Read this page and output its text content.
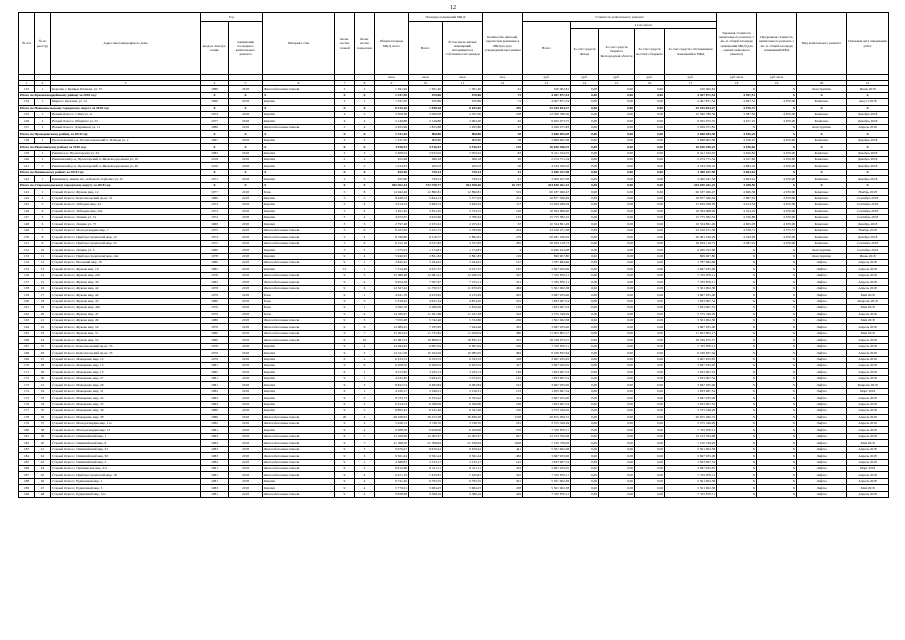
12
№ п/п	№ по реестру	Адрес многоквартирного дома	Год		Материал стен	Коли-чество этажей	Коли-чество подъездов	Общая площадь МКД, всего	Площадь помещений МКД:		Количество жителей, зарегистри-рованных в МКД на дату утверждения программы	Стоимость капитального ремонта					Удельная стоимость капитального ремонта 1 кв. м. общей площади помещений МКД (для оценки заявочного ремонта)	Предельная стоимость капитального ремонта 1 кв. м. общей площади помещений МКД	Вид капитального ремонта	Плановая дата завершения работ
			ввода в эксплуа-тацию	завершения последнего капитального ремонта					Всего:	В том числе жилых помещений, находящихся в собственности граждан		Всего:	в том числе:							
													За счет средств Фонда	За счет средств бюджета Белгородской области	За счет средств местного бюджета	За счет средств собственников помещений в МКД				
								кв.м	кв.м	кв.м	чел.	руб.	руб.	руб.	руб.	руб.	руб./кв.м	руб./кв.м		
1	2	3	4	5	6	7	8	9	10	11	12	13	14	15	16	17	18	19	20	21
133	1	Корочка с. Кривые Планова, ул. 57	1989	2018	Железобетонные панели	3	3	1 391,40	1 391,40	1 391,40	61	100 002,81	0,00	0,00	0,00	100 002,81	X	X	Конструктив	Июнь 2018
Итого по Красногвардейскому району за 2018 год:			X	X	X	X	X	1 347,50	970,86	970,86	72	4 407 871,54	0,00	0,00	0,00	4 407 871,54	4 497,51	X	X	X
134	1	Бирюч г. Красная, ул. 12	1966	2018	Кирпич	2	1	1 347,50	970,86	970,86	72	4 407 871,54	0,00	0,00	0,00	4 407 871,54	4 497,51	4 670,00	Комплекс	Август 2018
Итого по Новооскольскому городскому округу за 2018 год:			X	X	X	X	X	8 315,20	7 498,18	6 635,40	259	25 545 834,27	0,00	0,00	0,00	25 545 834,27	3 970,72	X	X	X
135	1	Новый Оскол г. 1 Мая ул, 11	1973	2018	Кирпич	4	3	3 309,38	3 309,38	2 707,30	108	12 590 789,36	0,00	0,00	0,00	12 590 789,36	3 587,63	4 670,00	Комплекс	Декабрь 2018
136	2	Новый Оскол г. Общепно ул, 52	1977	2018	Кирпич	4	2	2 149,80	2 149,80	2 002,30	62	9 925 973,75	0,00	0,00	0,00	9 925 973,75	4 617,16	4 670,00	Комплекс	Декабрь 2018
137	3	Новый Оскол г. Дзержинск ул, 11	1980	2018	Железобетонные панели	5	4	2 655,99	1 855,88	1 935,80	97	3 029 071,83	0,00	0,00	0,00	3 029 071,83	X	X	Конструктив	Апрель 2018
Итого по Прохоровскому району за 2018 год:			X	X	X	X	X	1 331,50	808,80	808,80	38	3 668 905,38	0,00	0,00	0,00	3 668 905,38	4 556,25	X	X	X
138	1	Прохоровский р-н, Политотдельский п, Победы ул, 2	1967	2018	Кирпич	2	3	1 331,50	808,80	808,80	38	3 668 905,38	0,00	0,00	0,00	3 668 905,38	4 556,25	4 670,00	Комплекс	Декабрь 2018
Итого по Ракитянскому району за 2018 год:			X	X	X	X	X	3 936,53	3 516,53	3 516,53	129	16 020 456,25	0,00	0,00	0,00	16 020 456,25	4 556,60	X	X	X
139	1	Ракитное п, Пролетарская ул, 34	1983	2018	Кирпич	3	3	2 308,52	2 025,02	2 025,02	83	9 411 524,55	0,00	0,00	0,00	9 411 524,55	4 656,82	4 670,00	Комплекс	Декабрь 2018
140	2	Ракитянский р-н, Пролетарский п, Железнодорожная ул, 19	1918	2018	Кирпич	2	2	615,98	566,18	566,18	20	2 274 771,54	0,00	0,00	0,00	2 274 771,54	4 017,40	4 670,00	Комплекс	Декабрь 2018
141	3	Ракитянский р-н, Пролетарский п, Железнодорожная ул, 40	1910	2018	Кирпич	2	2	1 012,03	925,33	925,33	26	4 334 358,16	0,00	0,00	0,00	4 334 358,16	4 684,16	4 670,00	Комплекс	Декабрь 2018
Итого по Ровеньскому району за 2018 год:			X	X	X	X	X	815,96	729,14	729,14	41	3 400 427,58	0,00	0,00	0,00	3 400 427,58	4 663,61	X	X	X
142	1	Ровеньки п, имени пос. избежать Горбенко ул, 32	1971	2018	Кирпич	2	3	815,96	729,14	729,14	41	3 400 427,58	0,00	0,00	0,00	3 400 427,58	4 663,61	4 670,00	Комплекс	Декабрь 2018
Итого по Старооскольскому городскому округу за 2018 год:			X	X	X	X	X	465 361,43	372 750,77	364 558,46	16 727	434 030 261,22	0,00	0,00	0,00	434 030 261,22	4 208,50	X	X	X
143	1	Старый Оскол г, Жукова мкр, 12	1977	2018	Блок	5	8	14 042,46	12 890,81	12 890,81	519	60 187 490,47	0,00	0,00	0,00	60 187 490,47	4 666,58	4 670,00	Комплекс	Ноябрь 2018
144	2	Старый Оскол г, Комсомольский пр-кт, 31	1980	2018	Кирпич	5	3	8 428,74	5 844,13	5 577,93	251	16 877 366,49	0,00	0,00	0,00	16 877 366,49	2 887,93	4 670,00	Комплекс	Сентябрь 2018
145	3	Старый Оскол г, Лебедева мкр, 24	1973	2018	Кирпич	5	4	3 614,55	3 682,15	3 645,25	117	15 659 298,29	0,00	0,00	0,00	15 659 298,29	4 413,34	4 670,00	Комплекс	Сентябрь 2018
146	4	Старый Оскол г, Лебедева мкр, 24а	1973	2018	Кирпич	5	4	3 811,45	3 811,45	3 733,15	126	16 594 698,46	0,00	0,00	0,00	16 594 698,46	4 354,16	4 670,00	Комплекс	Сентябрь 2018
147	5	Старый Оскол г, Ленина ул, 31	1974	2018	Кирпич	5	4	4 672,97	3 625,90	3 790,64	125	15 775 582,32	0,00	0,00	0,00	15 775 582,32	4 350,88	4 670,00	Комплекс	Сентябрь 2018
148	6	Старый Оскол г, Ленина ул, 75	1960	2018	Кирпич	3	3	2 797,48	2 255,61	2 255,61	67	10 534 861,49	0,00	0,00	0,00	10 534 861,49	4 665,93	4 670,00	Комплекс	Декабрь 2018
149	7	Старый Оскол г, Молодогвардия мкр, 7	1975	2018	Железобетонные панели	5	6	8 103,30	5 011,73	5 793,06	233	23 416 271,38	0,00	0,00	0,00	23 416 271,38	4 336,71	4 375,37	Комплекс	Ноябрь 2018
150	8	Старый Оскол г, Приборостроителей мкр, 12	1974	2018	Железобетонные панели	5	4	8 196,80	6 116,77	5 892,81	279	26 481 190,29	0,00	0,00	0,00	26 481 190,29	4 329,28	4 670,00	Комплекс	Декабрь 2018
151	9	Старый Оскол г, Приборостроителей мкр, 25	1975	2018	Железобетонные панели	5	6	6 152,18	4 537,82	4 537,82	285	20 819 118,73	0,00	0,00	0,00	20 819 118,73	4 587,91	4 670,00	Комплекс	Сентябрь 2018
152	10	Старый Оскол г, Ленина ул, 5	1960	2018	Кирпич	3	3	1 575,23	1 174,81	1 174,81	4	6 026 252,08	0,00	0,00	0,00	6 026 252,08	X	X	Конструктив	Сентябрь 2018
153	11	Старый Оскол г, Приборостроителей мкр, 24а	1978	2018	Кирпич	9	4	5 940,93	2 861,82	2 861,83	119	869 907,80	0,00	0,00	0,00	869 907,80	X	X	Конструктив	Июнь 2018
154	12	Старый Оскол г, Весенний мкр, 10	1980	2018	Железобетонные панели	9	1	3 845,45	3 164,61	3 164,61	147	1 787 684,66	0,00	0,00	0,00	1 787 684,66	X	X	Лифты	Апрель 2018
155	13	Старый Оскол г, Жукова мкр, 19	1982	2018	Кирпич	12	1	7 514,48	4 327,37	4 237,37	187	3 667 935,06	0,00	0,00	0,00	3 667 935,06	X	X	Лифты	Апрель 2018
156	14	Старый Оскол г, Жукова мкр, 29а	1978	2018	Железобетонные панели	9	5	15 386,48	12 481,41	12 426,19	567	7 335 870,11	0,00	0,00	0,00	7 335 870,11	X	X	Лифты	Апрель 2018
157	15	Старый Оскол г, Жукова мкр, 39	1982	2018	Железобетонные панели	9	4	9 954,58	7 567,67	7 272,11	321	7 335 870,11	0,00	0,00	0,00	7 335 870,11	X	X	Лифты	Апрель 2018
158	16	Старый Оскол г, Жукова мкр, 42	1978	2018	Железобетонные панели	9	6	14 527,42	11 750,57	11 670,05	482	5 501 902,58	0,00	0,00	0,00	5 501 902,58	X	X	Лифты	Апрель 2018
159	17	Старый Оскол г, Жукова мкр, 44	1979	2018	Блок	9	1	4 941,76	4 223,95	4 133,29	205	3 667 935,06	0,00	0,00	0,00	3 667 935,06	X	X	Лифты	Май 2018
160	18	Старый Оскол г, Жукова мкр, 45	1980	2018	Блок	9	3	5 319,45	4 931,34	4 874,20	225	1 833 967,54	0,00	0,00	0,00	1 833 967,54	X	X	Лифты	Февраль 2018
161	19	Старый Оскол г, Жукова мкр, 46а	1979	2018	Блок	9	1	3 392,76	2 286,69	2 816,46	129	1 833 967,54	0,00	0,00	0,00	1 833 967,54	X	X	Лифты	Май 2018
162	20	Старый Оскол г, Жукова мкр, 47	1979	2018	Блок	9	6	14 320,97	11 301,66	11 247,28	542	3 575 349,29	0,00	0,00	0,00	3 575 349,29	X	X	Лифты	Апрель 2018
163	21	Старый Оскол г, Жукова мкр, 49	1980	2018	Железобетонные панели	9	3	7 955,28	5 742,40	5 722,80	250	1 501 902,58	0,00	0,00	0,00	5 501 902,58	X	X	Лифты	Май 2018
164	22	Старый Оскол г, Жукова мкр, 50	1979	2018	Железобетонные панели	9	6	14 089,45	7 185,85	7 044,48	455	3 667 935,06	0,00	0,00	0,00	3 667 935,06	X	X	Лифты	Апрель 2018
165	23	Старый Оскол г, Жукова мкр, 51	1980	2018	Железобетонные панели	9	7	13 203,22	11 731,82	11 458,04	380	11 003 805,17	0,00	0,00	0,00	11 003 805,17	X	X	Лифты	Май 2018
166	24	Старый Оскол г, Жукова мкр, 52	1980	2018	Железобетонные панели	9	10	22 697,23	19 868,91	18 835,15	761	18 339 675,37	0,00	0,00	0,00	18 339 675,37	X	X	Лифты	Апрель 2018
167	25	Старый Оскол г, Комсомольский пр-кт, 33	1978	2018	Кирпич	9	4	14 944,05	6 997,64	6 997,64	256	7 335 870,11	0,00	0,00	0,00	7 335 870,11	X	X	Лифты	Апрель 2018
168	26	Старый Оскол г, Комсомольский пр-кт, 35	1979	2018	Кирпич	9	5	14 511,50	10 194,59	10 085,05	484	9 169 837,64	0,00	0,00	0,00	9 169 837,64	X	X	Лифты	Апрель 2018
169	27	Старый Оскол г, Макаренко мкр, 12	1979	2018	Кирпич	9	2	6 333,72	6 333,72	6 333,72	318	3 667 935,05	0,00	0,00	0,00	3 667 935,05	X	X	Лифты	Апрель 2018
170	28	Старый Оскол г, Макаренко мкр, 13	1981	2018	Кирпич	9	6	6 208,55	6 208,55	6 203,55	327	3 667 935,05	0,00	0,00	0,00	3 667 935,05	X	X	Лифты	Апрель 2018
171	29	Старый Оскол г, Макаренко мкр, 15	1985	2018	Кирпич	9	1	4 572,65	3 165,13	3 165,13	149	1 833 967,54	0,00	0,00	0,00	1 833 967,54	X	X	Лифты	Апрель 2018
172	30	Старый Оскол г, Макаренко мкр, 27	1981	2018	Кирпич	9	1	4 245,85	3 284,25	3 374,25	142	1 833 967,54	0,00	0,00	0,00	1 833 967,54	X	X	Лифты	Апрель 2018
173	31	Старый Оскол г, Макаренко мкр, 29	1981	2018	Кирпич	9	3	8 822,74	6 483,84	6 483,84	312	3 667 935,06	0,00	0,00	0,00	3 667 935,06	X	X	Лифты	Февраль 2018
174	32	Старый Оскол г, Макаренко мкр, 31	1982	2018	Кирпич	9	1	4 320,17	3 198,21	3 156,31	153	1 833 967,54	0,00	0,00	0,00	1 833 967,54	X	X	Лифты	Март 2018
175	33	Старый Оскол г, Макаренко мкр, 32	1983	2018	Кирпич	9	3	8 725,73	6 355,42	6 355,42	314	3 667 935,06	0,00	0,00	0,00	3 667 935,06	X	X	Лифты	Апрель 2018
176	34	Старый Оскол г, Макаренко мкр, 33	1983	2018	Кирпич	9	2	9 224,53	6 588,99	6 590,80	196	1 833 967,54	0,00	0,00	0,00	1 833 967,54	X	X	Лифты	Апрель 2018
177	35	Старый Оскол г, Макаренко мкр, 36	1980	2018	Кирпич	9	3	8 865,43	6 541,46	6 541,46	250	3 575 349,29	0,00	0,00	0,00	3 575 349,29	X	X	Лифты	Апрель 2018
178	36	Старый Оскол г, Макаренко мкр, 38	1980	2018	Железобетонные панели	20	4	49 168,63	39 472,38	36 836,20	1728	26 815 269,72	0,00	0,00	0,00	26 815 269,72	X	X	Лифты	Апрель 2018
179	37	Старый Оскол г, Молодогвардия мкр, 11а	1982	2018	Железобетонные панели	9	2	5 028,72	3 748,70	3 748,70	181	3 575 349,29	0,00	0,00	0,00	3 575 349,29	X	X	Лифты	Апрель 2018
180	38	Старый Оскол г, Молодогвардия мкр, 13	1981	2018	Кирпич	9	4	9 388,58	6 928,96	6 928,96	276	7 335 870,11	0,00	0,00	0,00	7 335 870,11	X	X	Лифты	Апрель 2018
181	39	Старый Оскол г, Олимпийский мкр, 1	1983	2018	Железобетонные панели	9	7	12 420,99	12 303,37	12 303,37	627	12 513 792,08	0,00	0,00	0,00	12 513 792,08	X	X	Лифты	Апрель 2018
182	40	Старый Оскол г, Олимпийский мкр, 9	1984	2018	Железобетонные панели	9	7	21 598,50	21 598,84	21 039,84	1028	7 150 728,29	0,00	0,00	0,00	7 150 728,29	X	X	Лифты	Май 2018
183	41	Старый Оскол г, Олимпийский мкр, 23	1983	2018	Железобетонные панели	9	3	9 676,47	9 676,44	9 676,44	441	5 501 902,58	0,00	0,00	0,00	5 501 902,58	X	X	Лифты	Апрель 2018
184	42	Старый Оскол г, Олимпийский мкр, 30	1983	2018	Железобетонные панели	9	3	9 561,24	9 561,24	9 561,24	482	3 667 935,06	0,00	0,00	0,00	3 667 935,06	X	X	Лифты	Апрель 2018
185	43	Старый Оскол г, Олимпийский мкр, 2	1984	2018	Железобетонные панели	9	1	4 388,81	3 133,17	3 133,17	145	1 833 967,54	0,00	0,00	0,00	1 833 967,54	X	X	Лифты	Апрель 2018
186	44	Старый Оскол г, Пушкинская мкр, 3/4	1981	2018	Железобетонные панели	9	2	8 812,68	6 411,11	6 411,11	343	3 667 935,05	0,00	0,00	0,00	3 667 935,05	X	X	Лифты	Март 2018
187	45	Старый Оскол г, Приборостроителей мкр, 18	1981	2018	Железобетонные панели	9	4	9 471,19	7 425,81	7 425,81	345	7 335 870,11	0,00	0,00	0,00	7 335 870,11	X	X	Лифты	Апрель 2018
188	46	Старый Оскол г, Рудничный мкр, 1	1981	2018	Кирпич	9	4	9 731,46	9 795,35	9 795,35	301	5 501 902,58	0,00	0,00	0,00	5 501 902,58	X	X	Лифты	Апрель 2018
189	47	Старый Оскол г, Рудничный мкр, 5	1983	2018	Кирпич	9	4	5 770,01	5 684,25	5 684,25	238	5 501 902,58	0,00	0,00	0,00	5 501 902,58	X	X	Лифты	Май 2018
190	48	Старый Оскол г, Рудничный мкр, 12а	1981	2018	Железобетонные панели	9	4	9 828,96	9 398,16	9 386,16	429	7 335 870,11	0,00	0,00	0,00	7 335 870,11	X	X	Лифты	Апрель 2018
